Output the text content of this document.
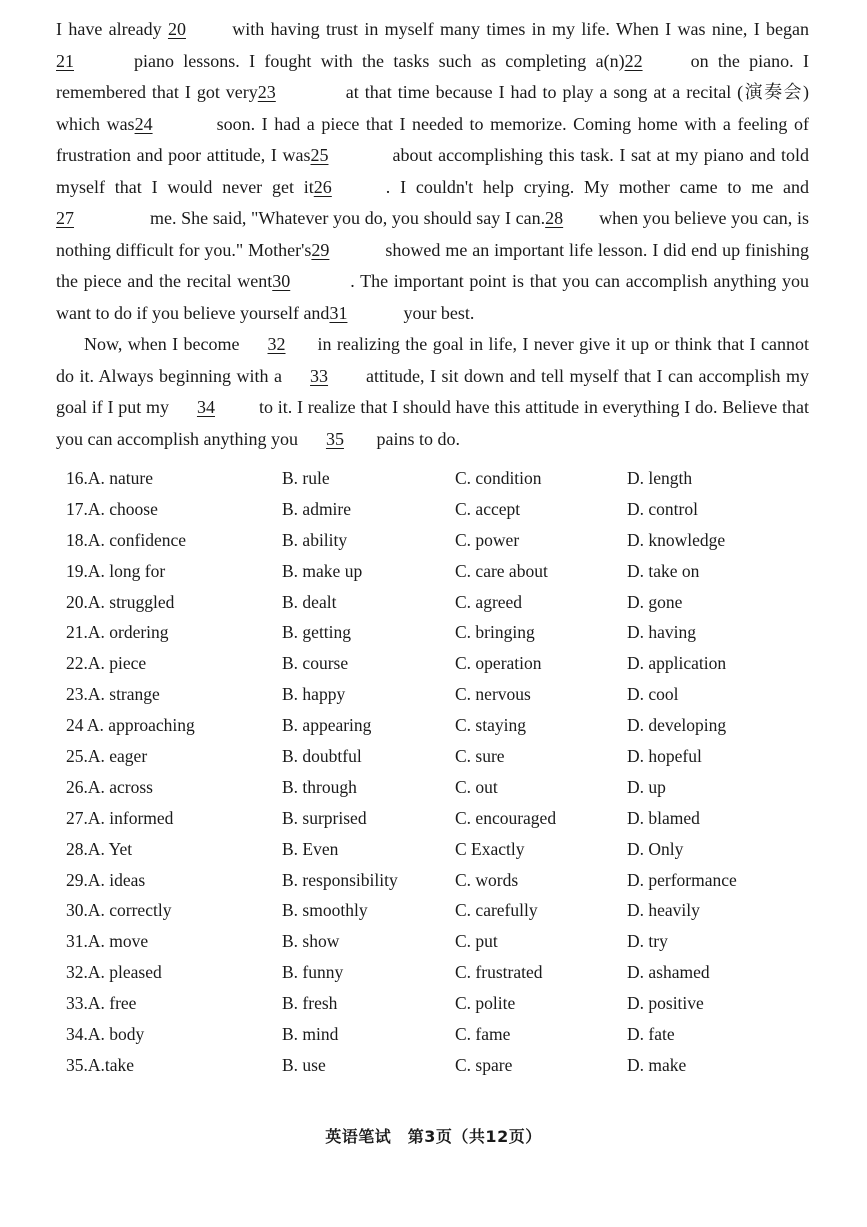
I have already 20 with having trust in myself many times in my life. When I was nine, I began21	piano lessons. I fought with the tasks such as completing a(n)22	on the piano. I remembered that I got very23	at that time because I had to play a song at a recital (演奏会) which was24	soon. I had a piece that I needed to memorize. Coming home with a feeling of frustration and poor attitude, I was25	about accomplishing this task. I sat at my piano and told myself that I would never get it26	. I couldn't help crying. My mother came to me and27	me. She said, "Whatever you do, you should say I can.28 when you believe you can, is nothing difficult for you." Mother's29	showed me an important life lesson. I did end up finishing the piece and the recital went30	. The important point is that you can accomplish anything you want to do if you believe yourself and31	your best.

Now, when I become 32 in realizing the goal in life, I never give it up or think that I cannot do it. Always beginning with a 33 attitude, I sit down and tell myself that I can accomplish my goal if I put my 34 to it. I realize that I should have this attitude in everything I do. Believe that you can accomplish anything you 35 pains to do.

16.A. nature	B. rule	C. condition	D. length
17.A. choose	B. admire	C. accept	D. control
18.A. confidence	B. ability	C. power	D. knowledge
19.A. long for	B. make up	C. care about	D. take on
20.A. struggled	B. dealt	C. agreed	D. gone
21.A. ordering	B. getting	C. bringing	D. having
22.A. piece	B. course	C. operation	D. application
23.A. strange	B. happy	C. nervous	D. cool
24 A. approaching	B. appearing	C. staying	D. developing
25.A. eager	B. doubtful	C. sure	D. hopeful
26.A. across	B. through	C. out	D. up
27.A. informed	B. surprised	C. encouraged	D. blamed
28.A. Yet	B. Even	C Exactly	D. Only
29.A. ideas	B. responsibility	C. words	D. performance
30.A. correctly	B. smoothly	C. carefully	D. heavily
31.A. move	B. show	C. put	D. try
32.A. pleased	B. funny	C. frustrated	D. ashamed
33.A. free	B. fresh	C. polite	D. positive
34.A. body	B. mind	C. fame	D. fate
35.A.take	B. use	C. spare	D. make
英语笔试　第3页（共12页）
